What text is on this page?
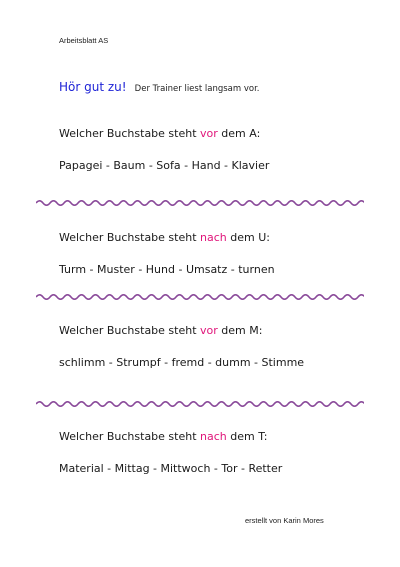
Arbeitsblatt AS
Hör gut zu! Der Trainer liest langsam vor.
Welcher Buchstabe steht vor dem A:
Papagei - Baum - Sofa - Hand - Klavier
Welcher Buchstabe steht nach dem U:
Turm - Muster - Hund - Umsatz - turnen
Welcher Buchstabe steht vor dem M:
schlimm - Strumpf - fremd - dumm - Stimme
Welcher Buchstabe steht nach dem T:
Material - Mittag - Mittwoch - Tor - Retter
erstellt von Karin Mores
